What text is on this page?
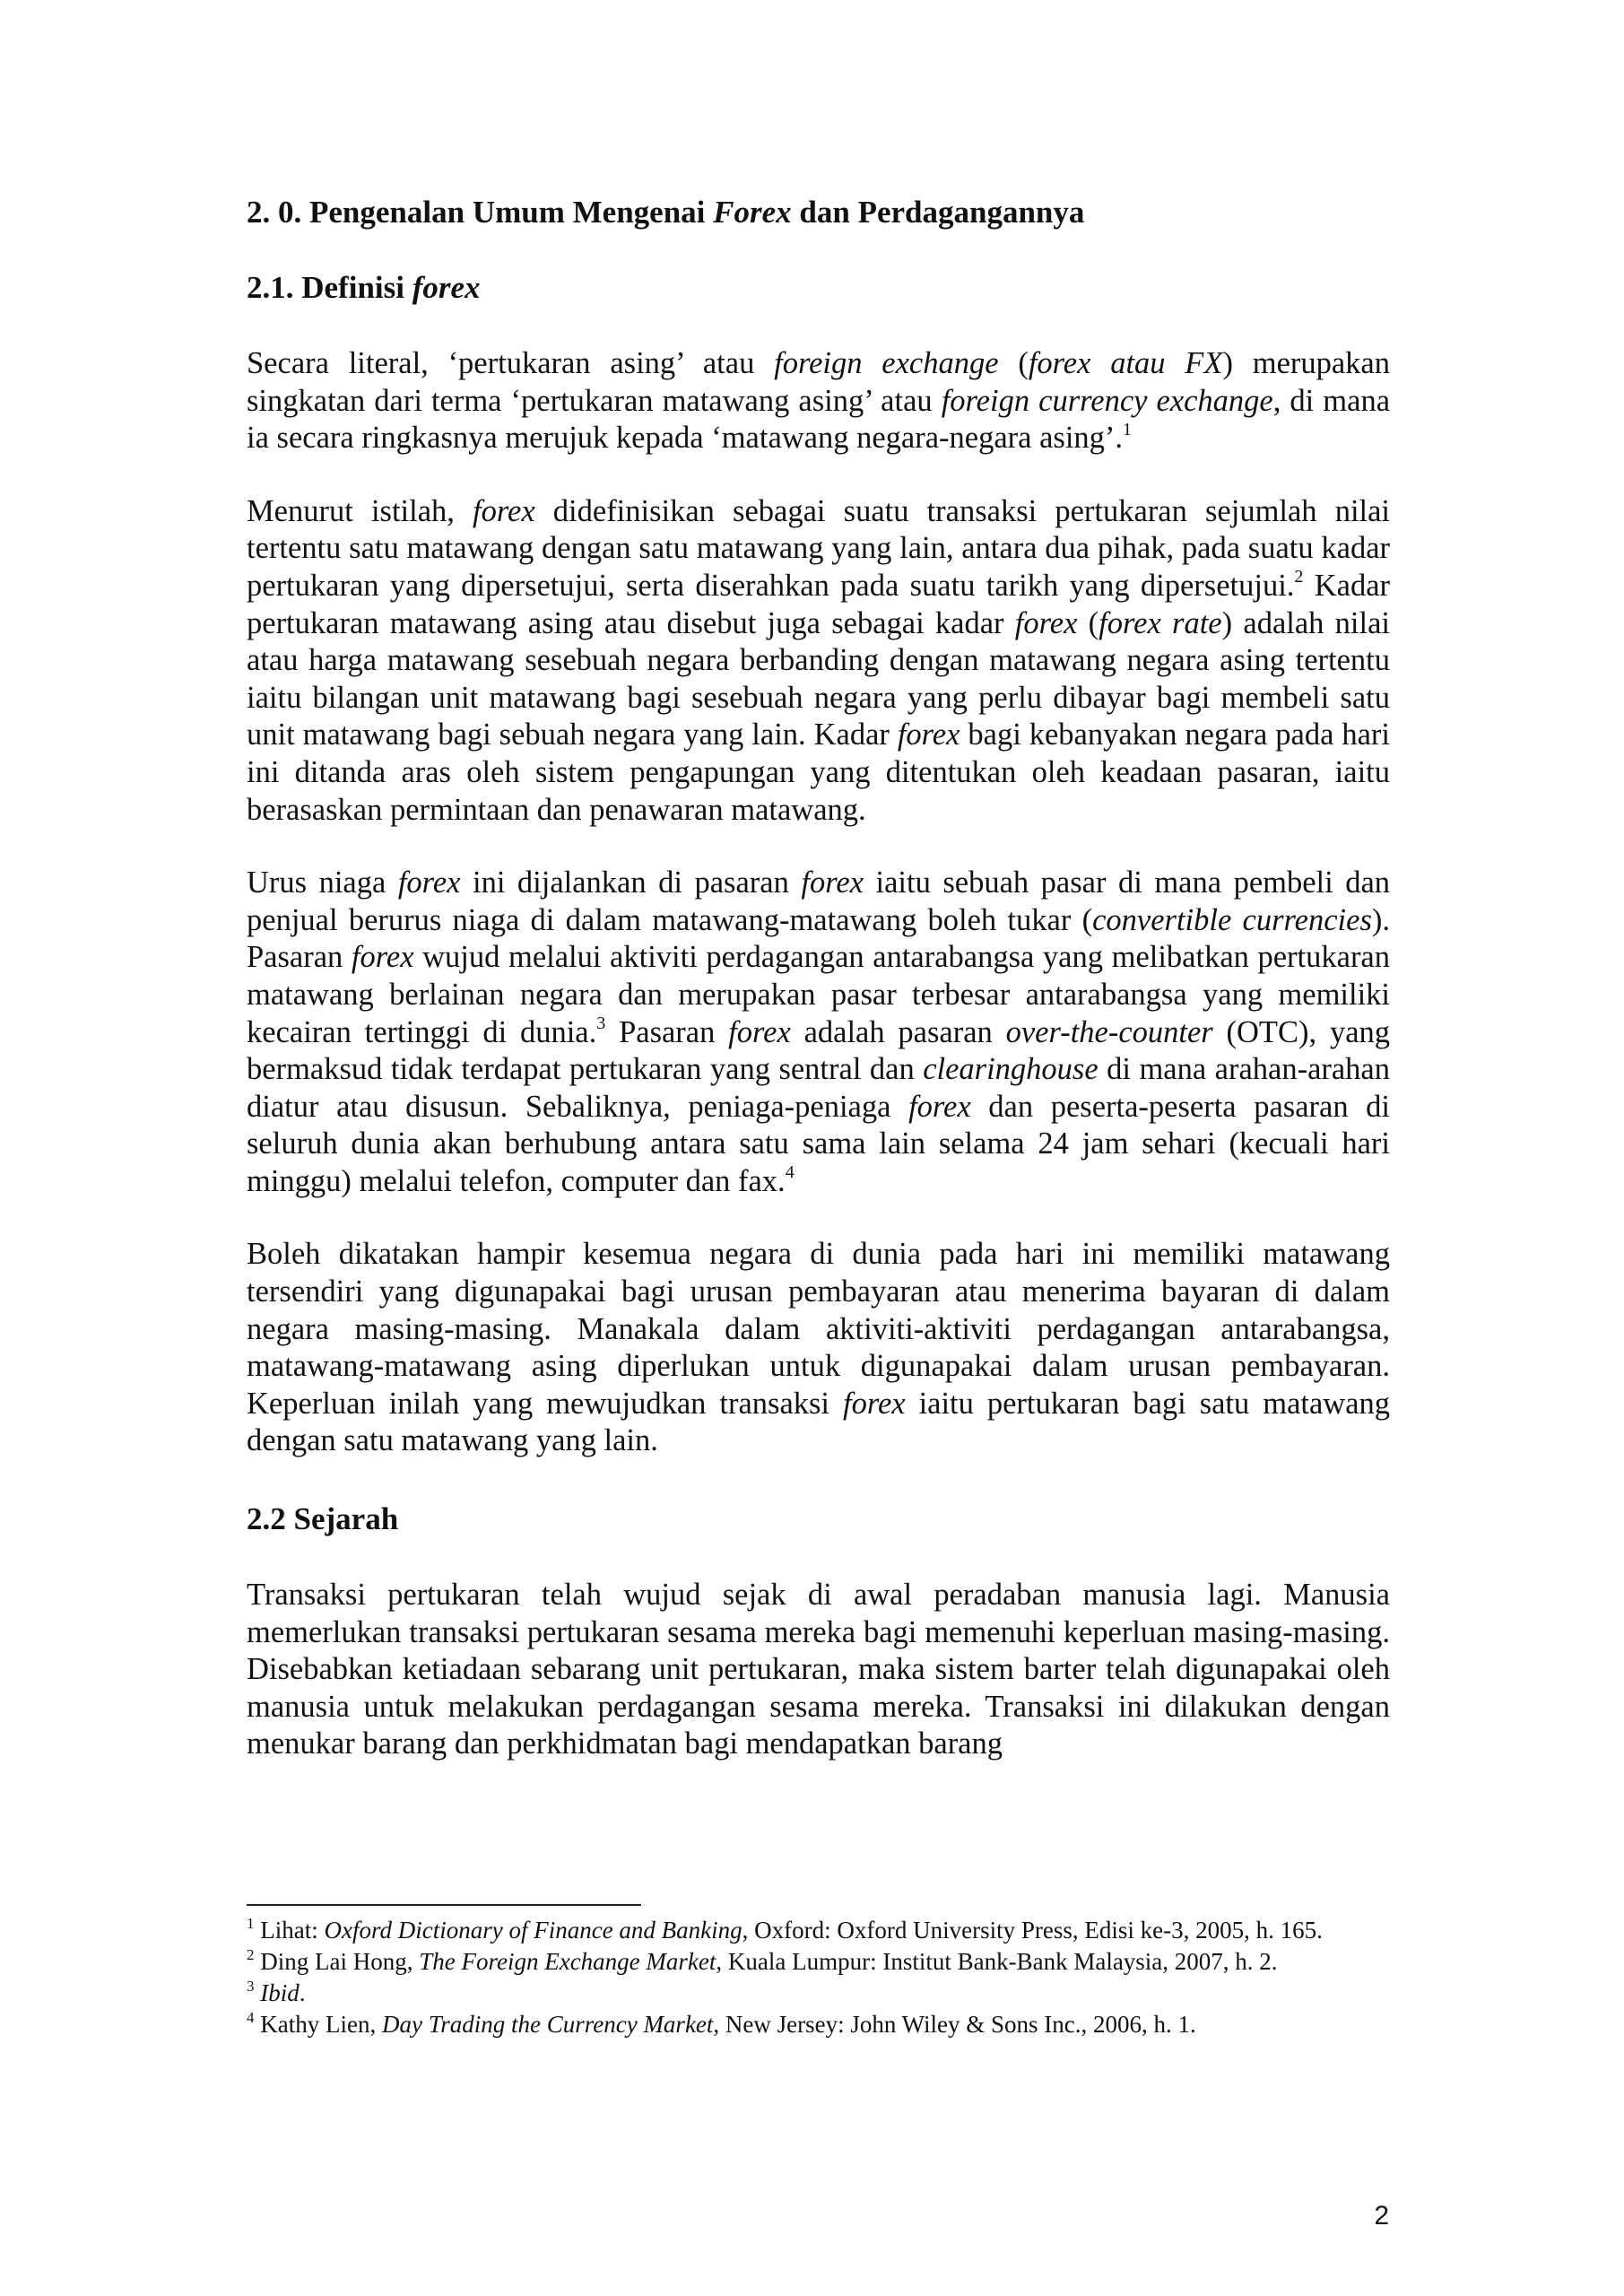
2. 0. Pengenalan Umum Mengenai Forex dan Perdagangannya

2.1. Definisi forex

Secara literal, ‘pertukaran asing’ atau foreign exchange (forex atau FX) merupakan singkatan dari terma ‘pertukaran matawang asing’ atau foreign currency exchange, di mana ia secara ringkasnya merujuk kepada ‘matawang negara-negara asing’.$^1$

Menurut istilah, forex didefinisikan sebagai suatu transaksi pertukaran sejumlah nilai tertentu satu matawang dengan satu matawang yang lain, antara dua pihak, pada suatu kadar pertukaran yang dipersetujui, serta diserahkan pada suatu tarikh yang dipersetujui.$^2$ Kadar pertukaran matawang asing atau disebut juga sebagai kadar forex (forex rate) adalah nilai atau harga matawang sesebuah negara berbanding dengan matawang negara asing tertentu iaitu bilangan unit matawang bagi sesebuah negara yang perlu dibayar bagi membeli satu unit matawang bagi sebuah negara yang lain. Kadar forex bagi kebanyakan negara pada hari ini ditanda aras oleh sistem pengapungan yang ditentukan oleh keadaan pasaran, iaitu berasaskan permintaan dan penawaran matawang.

Urus niaga forex ini dijalankan di pasaran forex iaitu sebuah pasar di mana pembeli dan penjual berurus niaga di dalam matawang-matawang boleh tukar (convertible currencies). Pasaran forex wujud melalui aktiviti perdagangan antarabangsa yang melibatkan pertukaran matawang berlainan negara dan merupakan pasar terbesar antarabangsa yang memiliki kecairan tertinggi di dunia.$^3$ Pasaran forex adalah pasaran over-the-counter (OTC), yang bermaksud tidak terdapat pertukaran yang sentral dan clearinghouse di mana arahan-arahan diatur atau disusun. Sebaliknya, peniaga-peniaga forex dan peserta-peserta pasaran di seluruh dunia akan berhubung antara satu sama lain selama 24 jam sehari (kecuali hari minggu) melalui telefon, computer dan fax.$^4$

Boleh dikatakan hampir kesemua negara di dunia pada hari ini memiliki matawang tersendiri yang digunapakai bagi urusan pembayaran atau menerima bayaran di dalam negara masing-masing. Manakala dalam aktiviti-aktiviti perdagangan antarabangsa, matawang-matawang asing diperlukan untuk digunapakai dalam urusan pembayaran. Keperluan inilah yang mewujudkan transaksi forex iaitu pertukaran bagi satu matawang dengan satu matawang yang lain.

2.2 Sejarah

Transaksi pertukaran telah wujud sejak di awal peradaban manusia lagi. Manusia memerlukan transaksi pertukaran sesama mereka bagi memenuhi keperluan masing-masing. Disebabkan ketiadaan sebarang unit pertukaran, maka sistem barter telah digunapakai oleh manusia untuk melakukan perdagangan sesama mereka. Transaksi ini dilakukan dengan menukar barang dan perkhidmatan bagi mendapatkan barang

$^1$ Lihat: Oxford Dictionary of Finance and Banking, Oxford: Oxford University Press, Edisi ke-3, 2005, h. 165.

$^2$ Ding Lai Hong, The Foreign Exchange Market, Kuala Lumpur: Institut Bank-Bank Malaysia, 2007, h. 2.

$^3$ Ibid.

$^4$ Kathy Lien, Day Trading the Currency Market, New Jersey: John Wiley & Sons Inc., 2006, h. 1.

2
